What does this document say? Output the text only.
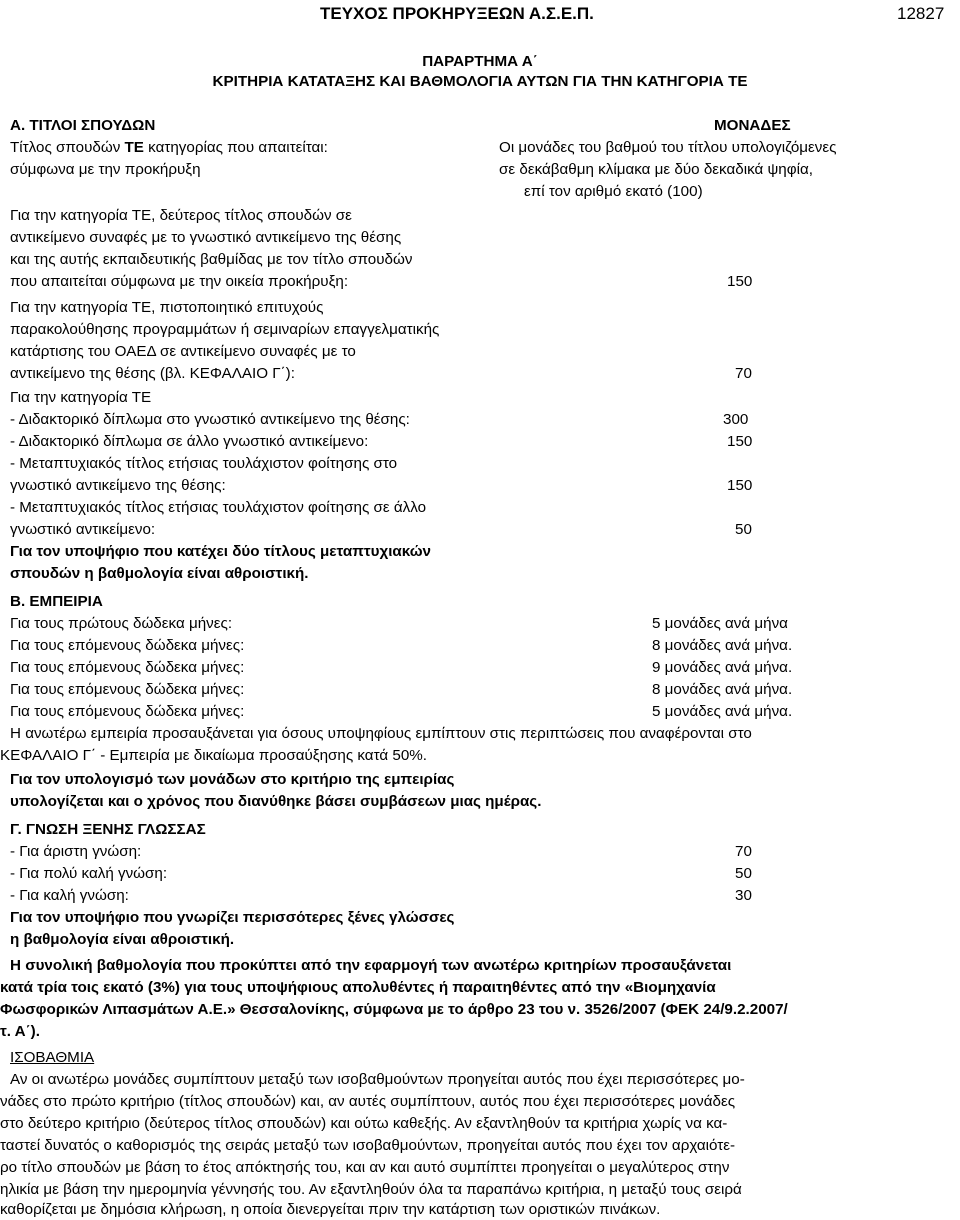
ΤΕΥΧΟΣ ΠΡΟΚΗΡΥΞΕΩΝ Α.Σ.Ε.Π.	12827
ΠΑΡΑΡΤΗΜΑ Α΄
ΚΡΙΤΗΡΙΑ ΚΑΤΑΤΑΞΗΣ ΚΑΙ ΒΑΘΜΟΛΟΓΙΑ ΑΥΤΩΝ ΓΙΑ ΤΗΝ ΚΑΤΗΓΟΡΙΑ ΤΕ
Α. ΤΙΤΛΟΙ ΣΠΟΥΔΩΝ	ΜΟΝΑΔΕΣ
Τίτλος σπουδών ΤΕ κατηγορίας που απαιτείται:
σύμφωνα με την προκήρυξη
Οι μονάδες του βαθμού του τίτλου υπολογιζόμενες
σε δεκάβαθμη κλίμακα με δύο δεκαδικά ψηφία,
επί τον αριθμό εκατό (100)
Για την κατηγορία ΤΕ, δεύτερος τίτλος σπουδών σε
αντικείμενο συναφές με το γνωστικό αντικείμενο της θέσης
και της αυτής εκπαιδευτικής βαθμίδας με τον τίτλο σπουδών
που απαιτείται σύμφωνα με την οικεία προκήρυξη:	150
Για την κατηγορία ΤΕ, πιστοποιητικό επιτυχούς
παρακολούθησης προγραμμάτων ή σεμιναρίων επαγγελματικής
κατάρτισης του ΟΑΕΔ σε αντικείμενο συναφές με το
αντικείμενο της θέσης (βλ. ΚΕΦΑΛΑΙΟ Γ΄):	70
Για την κατηγορία ΤΕ
- Διδακτορικό δίπλωμα στο γνωστικό αντικείμενο της θέσης:	300
- Διδακτορικό δίπλωμα σε άλλο γνωστικό αντικείμενο:	150
- Μεταπτυχιακός τίτλος ετήσιας τουλάχιστον φοίτησης στο
γνωστικό αντικείμενο της θέσης:	150
- Μεταπτυχιακός τίτλος ετήσιας τουλάχιστον φοίτησης σε άλλο
γνωστικό αντικείμενο:	50
Για τον υποψήφιο που κατέχει δύο τίτλους μεταπτυχιακών
σπουδών η βαθμολογία είναι αθροιστική.
Β. ΕΜΠΕΙΡΙΑ
Για τους πρώτους δώδεκα μήνες:	5 μονάδες ανά μήνα
Για τους επόμενους δώδεκα μήνες:	8 μονάδες ανά μήνα.
Για τους επόμενους δώδεκα μήνες:	9 μονάδες ανά μήνα.
Για τους επόμενους δώδεκα μήνες:	8 μονάδες ανά μήνα.
Για τους επόμενους δώδεκα μήνες:	5 μονάδες ανά μήνα.
Η ανωτέρω εμπειρία προσαυξάνεται για όσους υποψηφίους εμπίπτουν στις περιπτώσεις που αναφέρονται στο
ΚΕΦΑΛΑΙΟ Γ΄ - Εμπειρία με δικαίωμα προσαύξησης κατά 50%.
Για τον υπολογισμό των μονάδων στο κριτήριο της εμπειρίας
υπολογίζεται και ο χρόνος που διανύθηκε βάσει συμβάσεων μιας ημέρας.
Γ. ΓΝΩΣΗ ΞΕΝΗΣ ΓΛΩΣΣΑΣ
- Για άριστη γνώση:	70
- Για πολύ καλή γνώση:	50
- Για καλή γνώση:	30
Για τον υποψήφιο που γνωρίζει περισσότερες ξένες γλώσσες
η βαθμολογία είναι αθροιστική.
Η συνολική βαθμολογία που προκύπτει από την εφαρμογή των ανωτέρω κριτηρίων προσαυξάνεται
κατά τρία τοις εκατό (3%) για τους υποψήφιους απολυθέντες ή παραιτηθέντες από την «Βιομηχανία
Φωσφορικών Λιπασμάτων Α.Ε.» Θεσσαλονίκης, σύμφωνα με το άρθρο 23 του ν. 3526/2007 (ΦΕΚ 24/9.2.2007/
τ. Α΄).
ΙΣΟΒΑΘΜΙΑ
Αν οι ανωτέρω μονάδες συμπίπτουν μεταξύ των ισοβαθμούντων προηγείται αυτός που έχει περισσότερες μο-
νάδες στο πρώτο κριτήριο (τίτλος σπουδών) και, αν αυτές συμπίπτουν, αυτός που έχει περισσότερες μονάδες
στο δεύτερο κριτήριο (δεύτερος τίτλος σπουδών) και ούτω καθεξής. Αν εξαντληθούν τα κριτήρια χωρίς να κα-
ταστεί δυνατός ο καθορισμός της σειράς μεταξύ των ισοβαθμούντων, προηγείται αυτός που έχει τον αρχαιότε-
ρο τίτλο σπουδών με βάση το έτος απόκτησής του, και αν και αυτό συμπίπτει προηγείται ο μεγαλύτερος στην
ηλικία με βάση την ημερομηνία γέννησής του. Αν εξαντληθούν όλα τα παραπάνω κριτήρια, η μεταξύ τους σειρά
καθορίζεται με δημόσια κλήρωση, η οποία διενεργείται πριν την κατάρτιση των οριστικών πινάκων.
